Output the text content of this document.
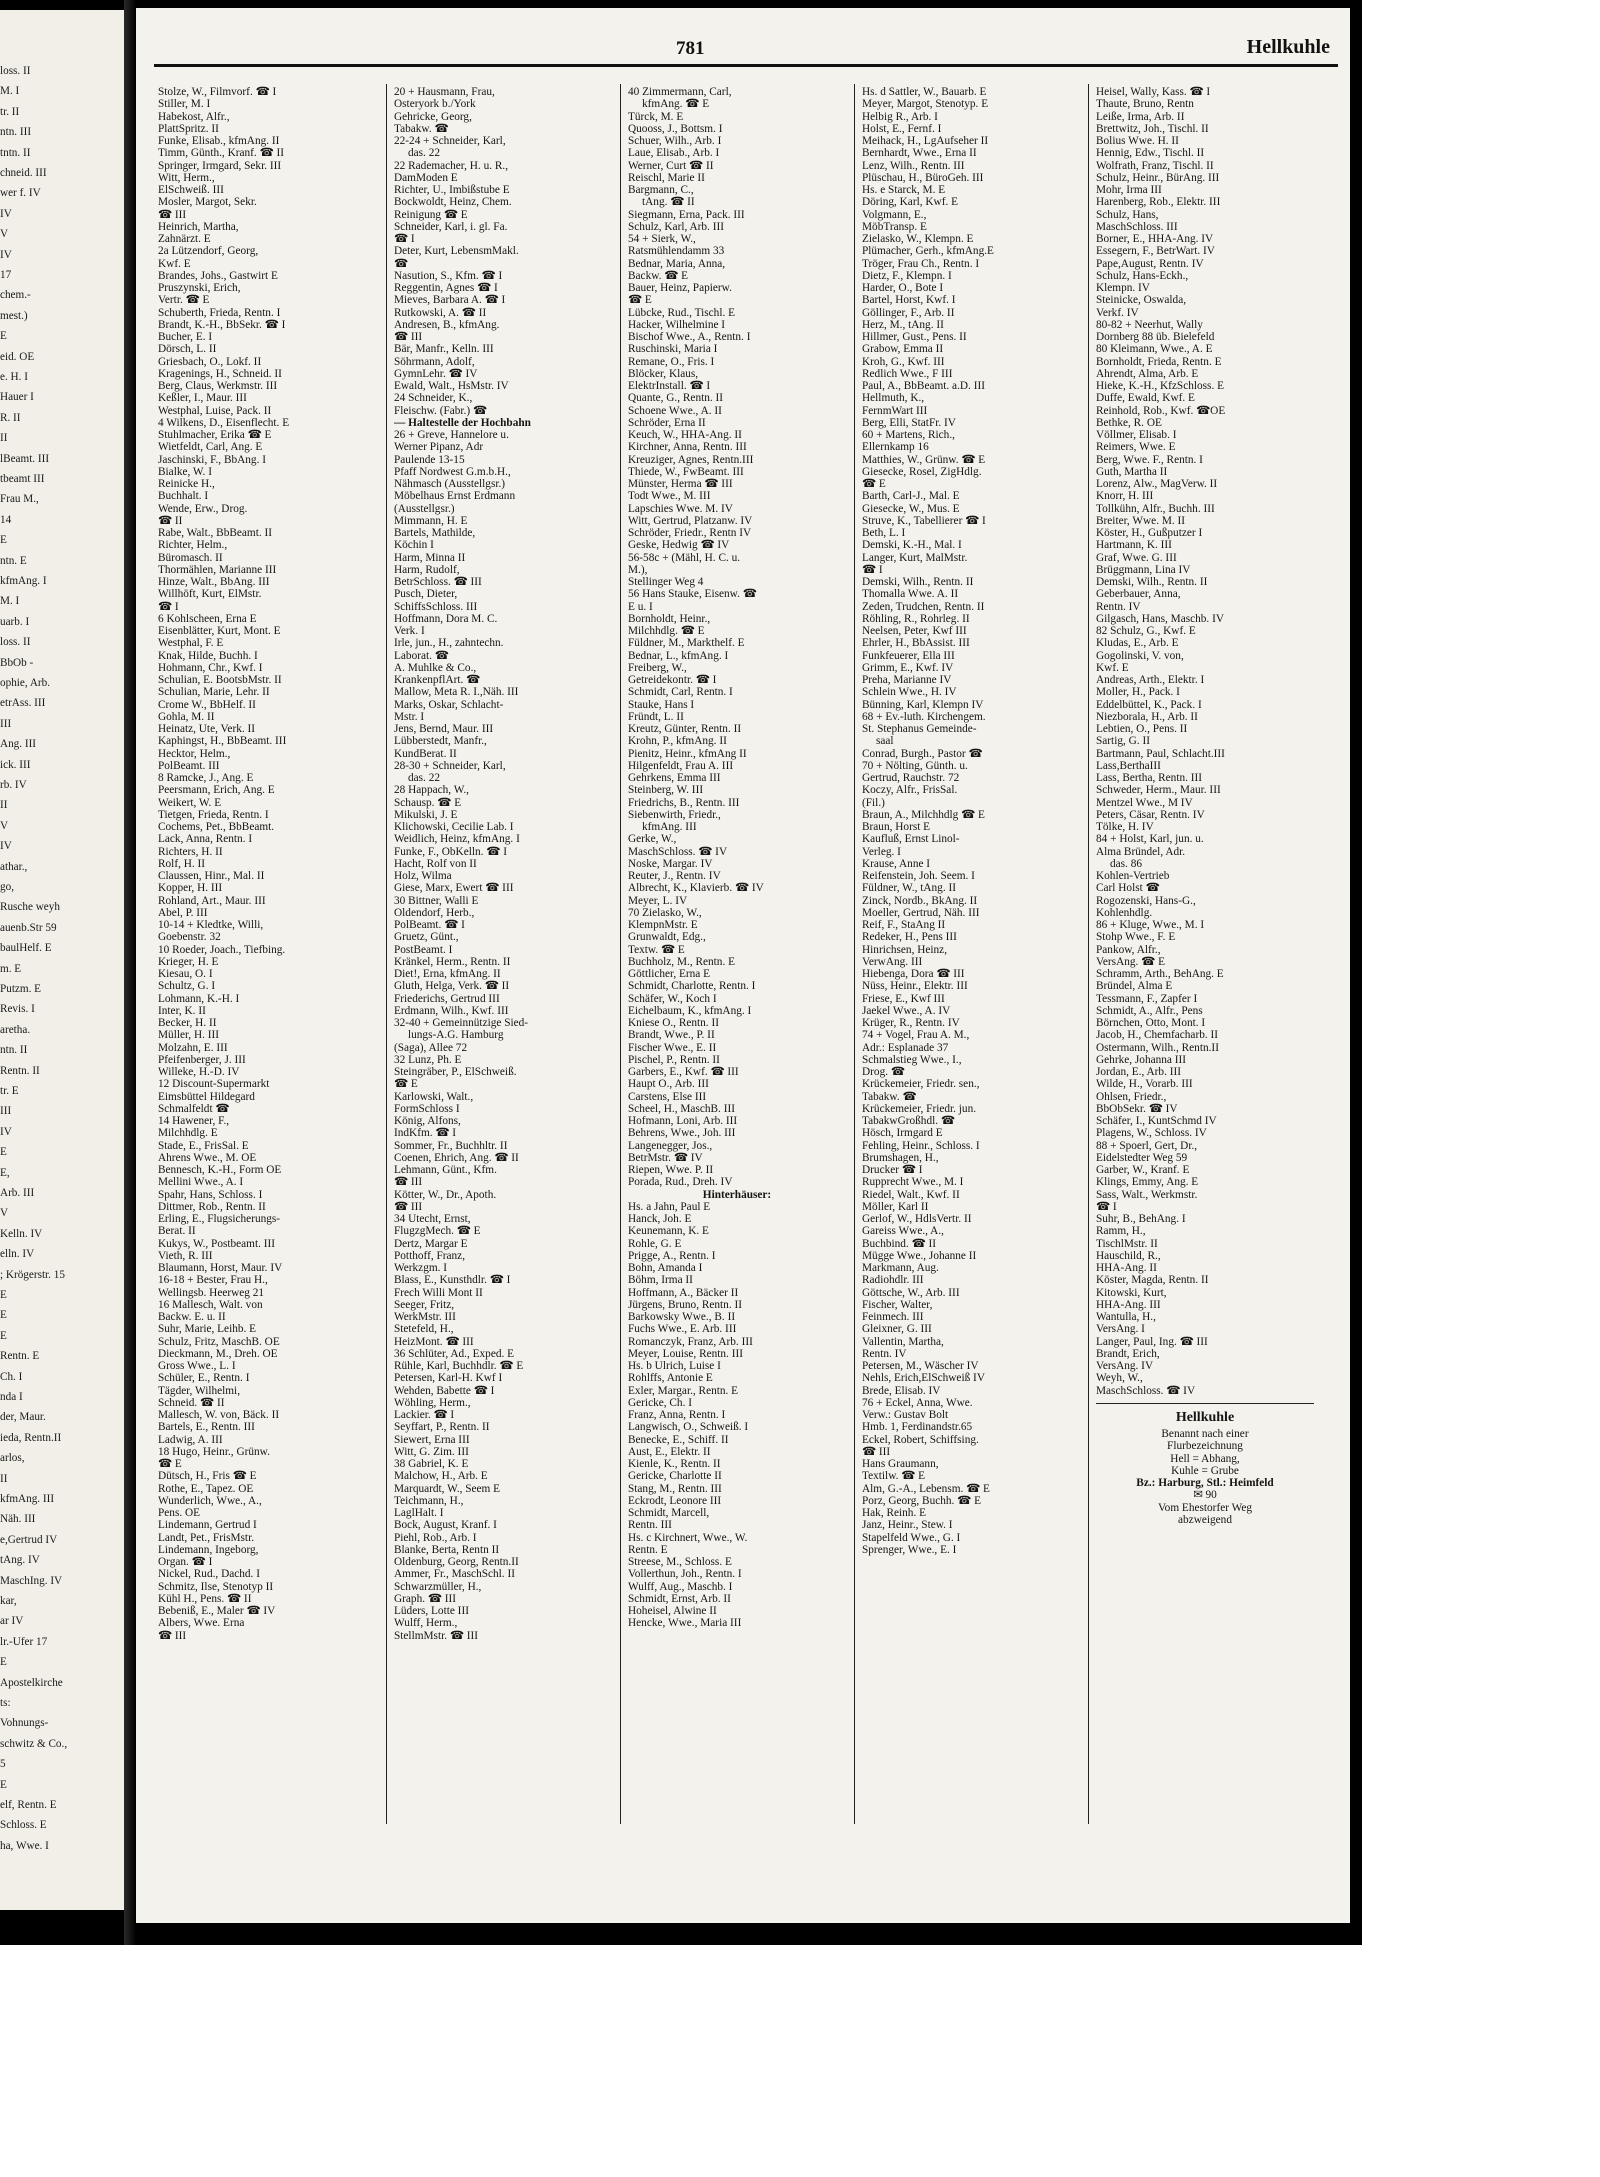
loss. II
M. I
tr. II
ntn. III
tntn. II
chneid. III
wer f. IV
IV
V
IV
17
chem.-
mest.)
E
eid. OE
e. H. I
Hauer I
R. II
II
lBeamt. III
tbeamt III
Frau M.,
14
E
ntn. E
kfmAng. I
M. I
uarb. I
loss. II
BbOb -
ophie, Arb.
etrAss. III
III
Ang. III
ick. III
rb. IV
II
V
IV
athar.,
go,
Rusche weyh
auenb.Str 59
baulHelf. E
m. E
Putzm. E
Revis. I
aretha.
ntn. II
Rentn. II
tr. E
III
IV
E
E,
Arb. III
V
Kelln. IV
elln. IV
; Krögerstr. 15
E
E
E
Rentn. E
Ch. I
nda I
der, Maur.
ieda, Rentn.II
arlos,
II
kfmAng. III
Näh. III
e,Gertrud IV
tAng. IV
MaschIng. IV
kar,
ar IV
lr.-Ufer 17
E
Apostelkirche
ts:
Vohnungs-
schwitz & Co.,
5
E
elf, Rentn. E
Schloss. E
ha, Wwe. I
781	Hellkuhle
Stolze, W., Filmvorf. ☎ I
Stiller, M. I
Habekost, Alfr.,
PlattSpritz. II
Funke, Elisab., kfmAng. II
Timm, Günth., Kranf. ☎ II
Springer, Irmgard, Sekr. III
Witt, Herm.,
ElSchweiß. III
Mosler, Margot, Sekr.
☎ III
Heinrich, Martha,
Zahnärzt. E
2a Lützendorf, Georg,
Kwf. E
Brandes, Johs., Gastwirt E
Pruszynski, Erich,
Vertr. ☎ E
Schuberth, Frieda, Rentn. I
Brandt, K.-H., BbSekr. ☎ I
Bucher, E. I
Dörsch, L. II
Griesbach, O., Lokf. II
Kragenings, H., Schneid. II
Berg, Claus, Werkmstr. III
Keßler, I., Maur. III
Westphal, Luise, Pack. II
4 Wilkens, D., Eisenflecht. E
Stuhlmacher, Erika ☎ E
Wietfeldt, Carl, Ang. E
Jaschinski, F., BbAng. I
Bialke, W. I
Reinicke H.,
Buchhalt. I
Wende, Erw., Drog.
☎ II
Rabe, Walt., BbBeamt. II
Richter, Helm.,
Büromasch. II
Thormählen, Marianne III
Hinze, Walt., BbAng. III
Willhöft, Kurt, ElMstr.
☎ I
6 Kohlscheen, Erna E
Eisenblätter, Kurt, Mont. E
Westphal, F. E
Knak, Hilde, Buchh. I
Hohmann, Chr., Kwf. I
Schulian, E. BootsbMstr. II
Schulian, Marie, Lehr. II
Crome W., BbHelf. II
Gohla, M. II
Heinatz, Ute, Verk. II
Kaphingst, H., BbBeamt. III
Hecktor, Helm.,
PolBeamt. III
8 Ramcke, J., Ang. E
Peersmann, Erich, Ang. E
Weikert, W. E
Tietgen, Frieda, Rentn. I
Cochems, Pet., BbBeamt.
Lack, Anna, Rentn. I
Richters, H. II
Rolf, H. II
Claussen, Hinr., Mal. II
Kopper, H. III
Rohland, Art., Maur. III
Abel, P. III
10-14 + Kledtke, Willi,
Goebenstr. 32
10 Roeder, Joach., Tiefbing.
Krieger, H. E
Kiesau, O. I
Schultz, G. I
Lohmann, K.-H. I
Inter, K. II
Becker, H. II
Müller, H. III
Molzahn, E. III
Pfeifenberger, J. III
Willeke, H.-D. IV
12 Discount-Supermarkt
Eimsbüttel Hildegard
Schmalfeldt ☎
14 Hawener, F.,
Milchhdlg. E
Stade, E., FrisSal. E
Ahrens Wwe., M. OE
Bennesch, K.-H., Form OE
Mellini Wwe., A. I
Spahr, Hans, Schloss. I
Dittmer, Rob., Rentn. II
Erling, E., Flugsicherungs-
Berat. II
Kukys, W., Postbeamt. III
Vieth, R. III
Blaumann, Horst, Maur. IV
16-18 + Bester, Frau H.,
Wellingsb. Heerweg 21
16 Mallesch, Walt. von
Backw. E. u. II
Suhr, Marie, Leihb. E
Schulz, Fritz, MaschB. OE
Dieckmann, M., Dreh. OE
Gross Wwe., L. I
Schüler, E., Rentn. I
Tägder, Wilhelmi,
Schneid. ☎ II
Mallesch, W. von, Bäck. II
Bartels, E., Rentn. III
Ladwig, A. III
18 Hugo, Heinr., Grünw.
☎ E
Dütsch, H., Fris ☎ E
Rothe, E., Tapez. OE
Wunderlich, Wwe., A.,
Pens. OE
Lindemann, Gertrud I
Landt, Pet., FrisMstr.
Lindemann, Ingeborg,
Organ. ☎ I
Nickel, Rud., Dachd. I
Schmitz, Ilse, Stenotyp II
Kühl H., Pens. ☎ II
Bebeniß, E., Maler ☎ IV
Albers, Wwe. Erna
☎ III
20 + Hausmann, Frau,
Osteryork b./York
Gehricke, Georg,
Tabakw. ☎
22-24 + Schneider, Karl,
das. 22
22 Rademacher, H. u. R.,
DamModen E
Richter, U., Imbißstube E
Bockwoldt, Heinz, Chem.
Reinigung ☎ E
Schneider, Karl, i. gl. Fa.
☎ I
Deter, Kurt, LebensmMakl.
☎
Nasution, S., Kfm. ☎ I
Reggentin, Agnes ☎ I
Mieves, Barbara A. ☎ I
Rutkowski, A. ☎ II
Andresen, B., kfmAng.
☎ III
Bär, Manfr., Kelln. III
Söhrmann, Adolf,
GymnLehr. ☎ IV
Ewald, Walt., HsMstr. IV
24 Schneider, K.,
Fleischw. (Fabr.) ☎
— Haltestelle der Hochbahn
26 + Greve, Hannelore u.
Werner Pipanz, Adr
Paulende 13-15
Pfaff Nordwest G.m.b.H.,
Nähmasch (Ausstellgsr.)
Möbelhaus Ernst Erdmann
(Ausstellgsr.)
Mimmann, H. E
Bartels, Mathilde,
Köchin I
Harm, Minna II
Harm, Rudolf,
BetrSchloss. ☎ III
Pusch, Dieter,
SchiffsSchloss. III
Hoffmann, Dora M. C.
Verk. I
Irle, jun., H., zahntechn.
Laborat. ☎
A. Muhlke & Co.,
KrankenpflArt. ☎
Mallow, Meta R. I.,Näh. III
Marks, Oskar, Schlacht-
Mstr. I
Jens, Bernd, Maur. III
Lübberstedt, Manfr.,
KundBerat. II
28-30 + Schneider, Karl,
das. 22
28 Happach, W.,
Schausp. ☎ E
Mikulski, J. E
Klichowski, Cecilie Lab. I
Weidlich, Heinz, kfmAng. I
Funke, F., ObKelln. ☎ I
Hacht, Rolf von II
Holz, Wilma
Giese, Marx, Ewert ☎ III
30 Bittner, Walli E
Oldendorf, Herb.,
PolBeamt. ☎ I
Gruetz, Günt.,
PostBeamt. I
Kränkel, Herm., Rentn. II
Diet!, Erna, kfmAng. II
Gluth, Helga, Verk. ☎ II
Friederichs, Gertrud III
Erdmann, Wilh., Kwf. III
32-40 + Gemeinnützige Sied-
lungs-A.G. Hamburg
(Saga), Allee 72
32 Lunz, Ph. E
Steingräber, P., ElSchweiß.
☎ E
Karlowski, Walt.,
FormSchloss I
König, Alfons,
IndKfm. ☎ I
Sommer, Fr., Buchhltr. II
Coenen, Ehrich, Ang. ☎ II
Lehmann, Günt., Kfm.
☎ III
Kötter, W., Dr., Apoth.
☎ III
34 Utecht, Ernst,
FlugzgMech. ☎ E
Dertz, Margar E
Potthoff, Franz,
Werkzgm. I
Blass, E., Kunsthdlr. ☎ I
Frech Willi Mont II
Seeger, Fritz,
WerkMstr. III
Stetefeld, H.,
HeizMont. ☎ III
36 Schlüter, Ad., Exped. E
Rühle, Karl, Buchhdlr. ☎ E
Petersen, Karl-H. Kwf I
Wehden, Babette ☎ I
Wöhling, Herm.,
Lackier. ☎ I
Seyffart, P., Rentn. II
Siewert, Erna III
Witt, G. Zim. III
38 Gabriel, K. E
Malchow, H., Arb. E
Marquardt, W., Seem E
Teichmann, H.,
LaglHalt. I
Bock, August, Kranf. I
Piehl, Rob., Arb. I
Blanke, Berta, Rentn II
Oldenburg, Georg, Rentn.II
Ammer, Fr., MaschSchl. II
Schwarzmüller, H.,
Graph. ☎ III
Lüders, Lotte III
Wulff, Herm.,
StellmMstr. ☎ III
40 Zimmermann, Carl,
kfmAng. ☎ E
Türck, M. E
Quooss, J., Bottsm. I
Schuer, Wilh., Arb. I
Laue, Elisab., Arb. I
Werner, Curt ☎ II
Reischl, Marie II
Bargmann, C.,
tAng. ☎ II
Siegmann, Erna, Pack. III
Schulz, Karl, Arb. III
54 + Sierk, W.,
Ratsmühlendamm 33
Bednar, Maria, Anna,
Backw. ☎ E
Bauer, Heinz, Papierw.
☎ E
Lübcke, Rud., Tischl. E
Hacker, Wilhelmine I
Bischof Wwe., A., Rentn. I
Ruschinski, Maria I
Remane, O., Fris. I
Blöcker, Klaus,
ElektrInstall. ☎ I
Quante, G., Rentn. II
Schoene Wwe., A. II
Schröder, Erna II
Keuch, W., HHA-Ang. II
Kirchner, Anna, Rentn. III
Kreuziger, Agnes, Rentn.III
Thiede, W., FwBeamt. III
Münster, Herma ☎ III
Todt Wwe., M. III
Lapschies Wwe. M. IV
Witt, Gertrud, Platzanw. IV
Schröder, Friedr., Rentn IV
Geske, Hedwig ☎ IV
56-58c + (Mähl, H. C. u.
M.),
Stellinger Weg 4
56 Hans Stauke, Eisenw. ☎
E u. I
Bornholdt, Heinr.,
Milchhdlg. ☎ E
Füldner, M., Markthelf. E
Bednar, L., kfmAng. I
Freiberg, W.,
Getreidekontr. ☎ I
Schmidt, Carl, Rentn. I
Stauke, Hans I
Fründt, L. II
Kreutz, Günter, Rentn. II
Krohn, P., kfmAng. II
Pienitz, Heinr., kfmAng II
Hilgenfeldt, Frau A. III
Gehrkens, Emma III
Steinberg, W. III
Friedrichs, B., Rentn. III
Siebenwirth, Friedr.,
kfmAng. III
Gerke, W.,
MaschSchloss. ☎ IV
Noske, Margar. IV
Reuter, J., Rentn. IV
Albrecht, K., Klavierb. ☎ IV
Meyer, L. IV
70 Zielasko, W.,
KlempnMstr. E
Grunwaldt, Edg.,
Textw. ☎ E
Buchholz, M., Rentn. E
Göttlicher, Erna E
Schmidt, Charlotte, Rentn. I
Schäfer, W., Koch I
Eichelbaum, K., kfmAng. I
Kniese O., Rentn. II
Brandt, Wwe., P. II
Fischer Wwe., E. II
Pischel, P., Rentn. II
Garbers, E., Kwf. ☎ III
Haupt O., Arb. III
Carstens, Else III
Scheel, H., MaschB. III
Hofmann, Loni, Arb. III
Behrens, Wwe., Joh. III
Langenegger, Jos.,
BetrMstr. ☎ IV
Riepen, Wwe. P. II
Porada, Rud., Dreh. IV
Hinterhäuser:
Hs. a Jahn, Paul E
Hanck, Joh. E
Keunemann, K. E
Rohle, G. E
Prigge, A., Rentn. I
Bohn, Amanda I
Böhm, Irma II
Hoffmann, A., Bäcker II
Jürgens, Bruno, Rentn. II
Barkowsky Wwe., B. II
Fuchs Wwe., E. Arb. III
Romanczyk, Franz, Arb. III
Meyer, Louise, Rentn. III
Hs. b Ulrich, Luise I
Rohlffs, Antonie E
Exler, Margar., Rentn. E
Gericke, Ch. I
Franz, Anna, Rentn. I
Langwisch, O., Schweiß. I
Benecke, E., Schiff. II
Aust, E., Elektr. II
Kienle, K., Rentn. II
Gericke, Charlotte II
Stang, M., Rentn. III
Eckrodt, Leonore III
Schmidt, Marcell,
Rentn. III
Hs. c Kirchnert, Wwe., W.
Rentn. E
Streese, M., Schloss. E
Vollerthun, Joh., Rentn. I
Wulff, Aug., Maschb. I
Schmidt, Ernst, Arb. II
Hoheisel, Alwine II
Hencke, Wwe., Maria III
Hs. d Sattler, W., Bauarb. E
Meyer, Margot, Stenotyp. E
Helbig R., Arb. I
Holst, E., Fernf. I
Meihack, H., LgAufseher II
Bernhardt, Wwe., Erna II
Lenz, Wilh., Rentn. III
Plüschau, H., BüroGeh. III
Hs. e Starck, M. E
Döring, Karl, Kwf. E
Volgmann, E.,
MöbTransp. E
Zielasko, W., Klempn. E
Plümacher, Gerh., kfmAng.E
Tröger, Frau Ch., Rentn. I
Dietz, F., Klempn. I
Harder, O., Bote I
Bartel, Horst, Kwf. I
Göllinger, F., Arb. II
Herz, M., tAng. II
Hillmer, Gust., Pens. II
Grabow, Emma II
Kroh, G., Kwf. III
Redlich Wwe., F III
Paul, A., BbBeamt. a.D. III
Hellmuth, K.,
FernmWart III
Berg, Elli, StatFr. IV
60 + Martens, Rich.,
Ellernkamp 16
Matthies, W., Grünw. ☎ E
Giesecke, Rosel, ZigHdlg.
☎ E
Barth, Carl-J., Mal. E
Giesecke, W., Mus. E
Struve, K., Tabellierer ☎ I
Beth, L. I
Demski, K.-H., Mal. I
Langer, Kurt, MalMstr.
☎ I
Demski, Wilh., Rentn. II
Thomalla Wwe. A. II
Zeden, Trudchen, Rentn. II
Röhling, R., Rohrleg. II
Neelsen, Peter, Kwf III
Ehrler, H., BbAssist. III
Funkfeuerer, Ella III
Grimm, E., Kwf. IV
Preha, Marianne IV
Schlein Wwe., H. IV
Bünning, Karl, Klempn IV
68 + Ev.-luth. Kirchengem.
St. Stephanus Gemeinde-
saal
Conrad, Burgh., Pastor ☎
70 + Nölting, Günth. u.
Gertrud, Rauchstr. 72
Koczy, Alfr., FrisSal.
(Fil.)
Braun, A., Milchhdlg ☎ E
Braun, Horst E
Kaufluß, Ernst Linol-
Verleg. I
Krause, Anne I
Reifenstein, Joh. Seem. I
Füldner, W., tAng. II
Zinck, Nordb., BkAng. II
Moeller, Gertrud, Näh. III
Reif, F., StaAng II
Redeker, H., Pens III
Hinrichsen, Heinz,
VerwAng. III
Hiebenga, Dora ☎ III
Nüss, Heinr., Elektr. III
Friese, E., Kwf III
Jaekel Wwe., A. IV
Krüger, R., Rentn. IV
74 + Vogel, Frau A. M.,
Adr.: Esplanade 37
Schmalstieg Wwe., I.,
Drog. ☎
Krückemeier, Friedr. sen.,
Tabakw. ☎
Krückemeier, Friedr. jun.
TabakwGroßhdl. ☎
Hösch, Irmgard E
Fehling, Heinr., Schloss. I
Brumshagen, H.,
Drucker ☎ I
Rupprecht Wwe., M. I
Riedel, Walt., Kwf. II
Möller, Karl II
Gerlof, W., HdlsVertr. II
Gareiss Wwe., A.,
Buchbind. ☎ II
Mügge Wwe., Johanne II
Markmann, Aug.
Radiohdlr. III
Göttsche, W., Arb. III
Fischer, Walter,
Feinmech. III
Gleixner, G. III
Vallentin, Martha,
Rentn. IV
Petersen, M., Wäscher IV
Nehls, Erich,ElSchweiß IV
Brede, Elisab. IV
76 + Eckel, Anna, Wwe.
Verw.: Gustav Bolt
Hmb. 1, Ferdinandstr.65
Eckel, Robert, Schiffsing.
☎ III
Hans Graumann,
Textilw. ☎ E
Alm, G.-A., Lebensm. ☎ E
Porz, Georg, Buchh. ☎ E
Hak, Reinh. E
Janz, Heinr., Stew. I
Stapelfeld Wwe., G. I
Sprenger, Wwe., E. I
Heisel, Wally, Kass. ☎ I
Thaute, Bruno, Rentn
Leiße, Irma, Arb. II
Brettwitz, Joh., Tischl. II
Bolius Wwe. H. II
Hennig, Edw., Tischl. II
Wolfrath, Franz, Tischl. II
Schulz, Heinr., BürAng. III
Mohr, Irma III
Harenberg, Rob., Elektr. III
Schulz, Hans,
MaschSchloss. III
Borner, E., HHA-Ang. IV
Essegern, F., BetrWart. IV
Pape,August, Rentn. IV
Schulz, Hans-Eckh.,
Klempn. IV
Steinicke, Oswalda,
Verkf. IV
80-82 + Neerhut, Wally
Dornberg 88 üb. Bielefeld
80 Kleimann, Wwe., A. E
Bornholdt, Frieda, Rentn. E
Ahrendt, Alma, Arb. E
Hieke, K.-H., KfzSchloss. E
Duffe, Ewald, Kwf. E
Reinhold, Rob., Kwf. ☎OE
Bethke, R. OE
Völlmer, Elisab. I
Reimers, Wwe. E
Berg, Wwe. F., Rentn. I
Guth, Martha II
Lorenz, Alw., MagVerw. II
Knorr, H. III
Tollkühn, Alfr., Buchh. III
Breiter, Wwe. M. II
Köster, H., Gußputzer I
Hartmann, K. III
Graf, Wwe. G. III
Brüggmann, Lina IV
Demski, Wilh., Rentn. II
Geberbauer, Anna,
Rentn. IV
Gilgasch, Hans, Maschb. IV
82 Schulz, G., Kwf. E
Kludas, E., Arb. E
Gogolinski, V. von,
Kwf. E
Andreas, Arth., Elektr. I
Moller, H., Pack. I
Eddelbüttel, K., Pack. I
Niezborala, H., Arb. II
Lebtien, O., Pens. II
Sartig, G. II
Bartmann, Paul, Schlacht.III
Lass,BerthaIII
Lass, Bertha, Rentn. III
Schweder, Herm., Maur. III
Mentzel Wwe., M IV
Peters, Cäsar, Rentn. IV
Tölke, H. IV
84 + Holst, Karl, jun. u.
Alma Bründel, Adr.
das. 86
Kohlen-Vertrieb
Carl Holst ☎
Rogozenski, Hans-G.,
Kohlenhdlg.
86 + Kluge, Wwe., M. I
Stohp Wwe., F. E
Pankow, Alfr.,
VersAng. ☎ E
Schramm, Arth., BehAng. E
Bründel, Alma E
Tessmann, F., Zapfer I
Schmidt, A., Alfr., Pens
Börnchen, Otto, Mont. I
Jacob, H., Chemfacharb. II
Ostermann, Wilh., Rentn.II
Gehrke, Johanna III
Jordan, E., Arb. III
Wilde, H., Vorarb. III
Ohlsen, Friedr.,
BbObSekr. ☎ IV
Schäfer, I., KuntSchmd IV
Plagens, W., Schloss. IV
88 + Spoerl, Gert, Dr.,
Eidelstedter Weg 59
Garber, W., Kranf. E
Klings, Emmy, Ang. E
Sass, Walt., Werkmstr.
☎ I
Suhr, B., BehAng. I
Ramm, H.,
TischlMstr. II
Hauschild, R.,
HHA-Ang. II
Köster, Magda, Rentn. II
Kitowski, Kurt,
HHA-Ang. III
Wantulla, H.,
VersAng. I
Langer, Paul, Ing. ☎ III
Brandt, Erich,
VersAng. IV
Weyh, W.,
MaschSchloss. ☎ IV
Hellkuhle
Benannt nach einer
Flurbezeichnung
Hell = Abhang,
Kuhle = Grube
Bz.: Harburg, Stl.: Heimfeld
✉ 90
Vom Ehestorfer Weg
abzweigend
